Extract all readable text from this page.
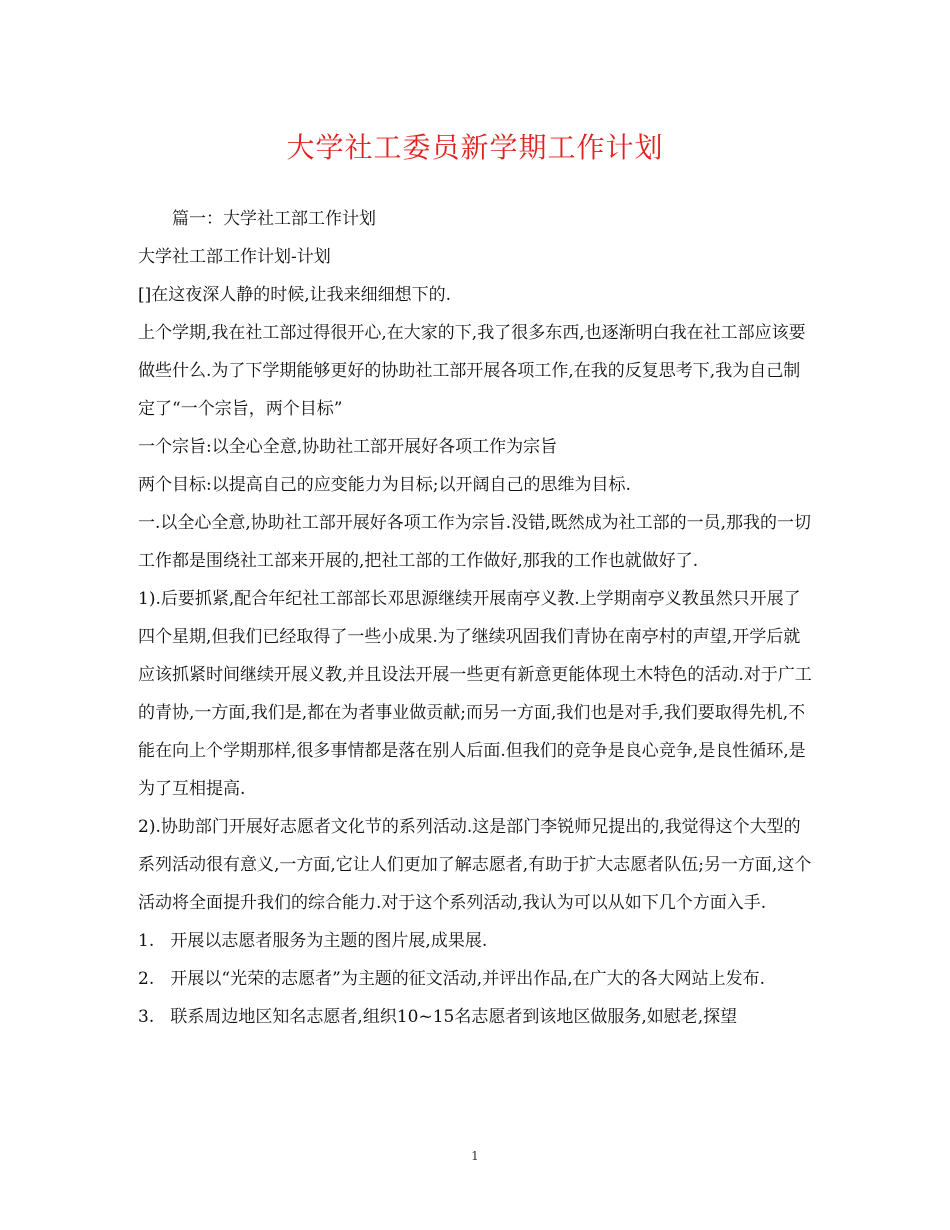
大学社工委员新学期工作计划

篇一：大学社工部工作计划

大学社工部工作计划-计划

[]在这夜深人静的时候,让我来细细想下的.

上个学期,我在社工部过得很开心,在大家的下,我了很多东西,也逐渐明白我在社工部应该要做些什么.为了下学期能够更好的协助社工部开展各项工作,在我的反复思考下,我为自己制定了“一个宗旨，两个目标”

一个宗旨:以全心全意,协助社工部开展好各项工作为宗旨

两个目标:以提高自己的应变能力为目标;以开阔自己的思维为目标.

一.以全心全意,协助社工部开展好各项工作为宗旨.没错,既然成为社工部的一员,那我的一切工作都是围绕社工部来开展的,把社工部的工作做好,那我的工作也就做好了.

1).后要抓紧,配合年纪社工部部长邓思源继续开展南亭义教.上学期南亭义教虽然只开展了四个星期,但我们已经取得了一些小成果.为了继续巩固我们青协在南亭村的声望,开学后就应该抓紧时间继续开展义教,并且设法开展一些更有新意更能体现土木特色的活动.对于广工的青协,一方面,我们是,都在为者事业做贡献;而另一方面,我们也是对手,我们要取得先机,不能在向上个学期那样,很多事情都是落在别人后面.但我们的竞争是良心竞争,是良性循环,是为了互相提高.

2).协助部门开展好志愿者文化节的系列活动.这是部门李锐师兄提出的,我觉得这个大型的系列活动很有意义,一方面,它让人们更加了解志愿者,有助于扩大志愿者队伍;另一方面,这个活动将全面提升我们的综合能力.对于这个系列活动,我认为可以从如下几个方面入手.

1.   开展以志愿者服务为主题的图片展,成果展.

2.   开展以“光荣的志愿者”为主题的征文活动,并评出作品,在广大的各大网站上发布.

3.   联系周边地区知名志愿者,组织10~15名志愿者到该地区做服务,如慰老,探望

1
